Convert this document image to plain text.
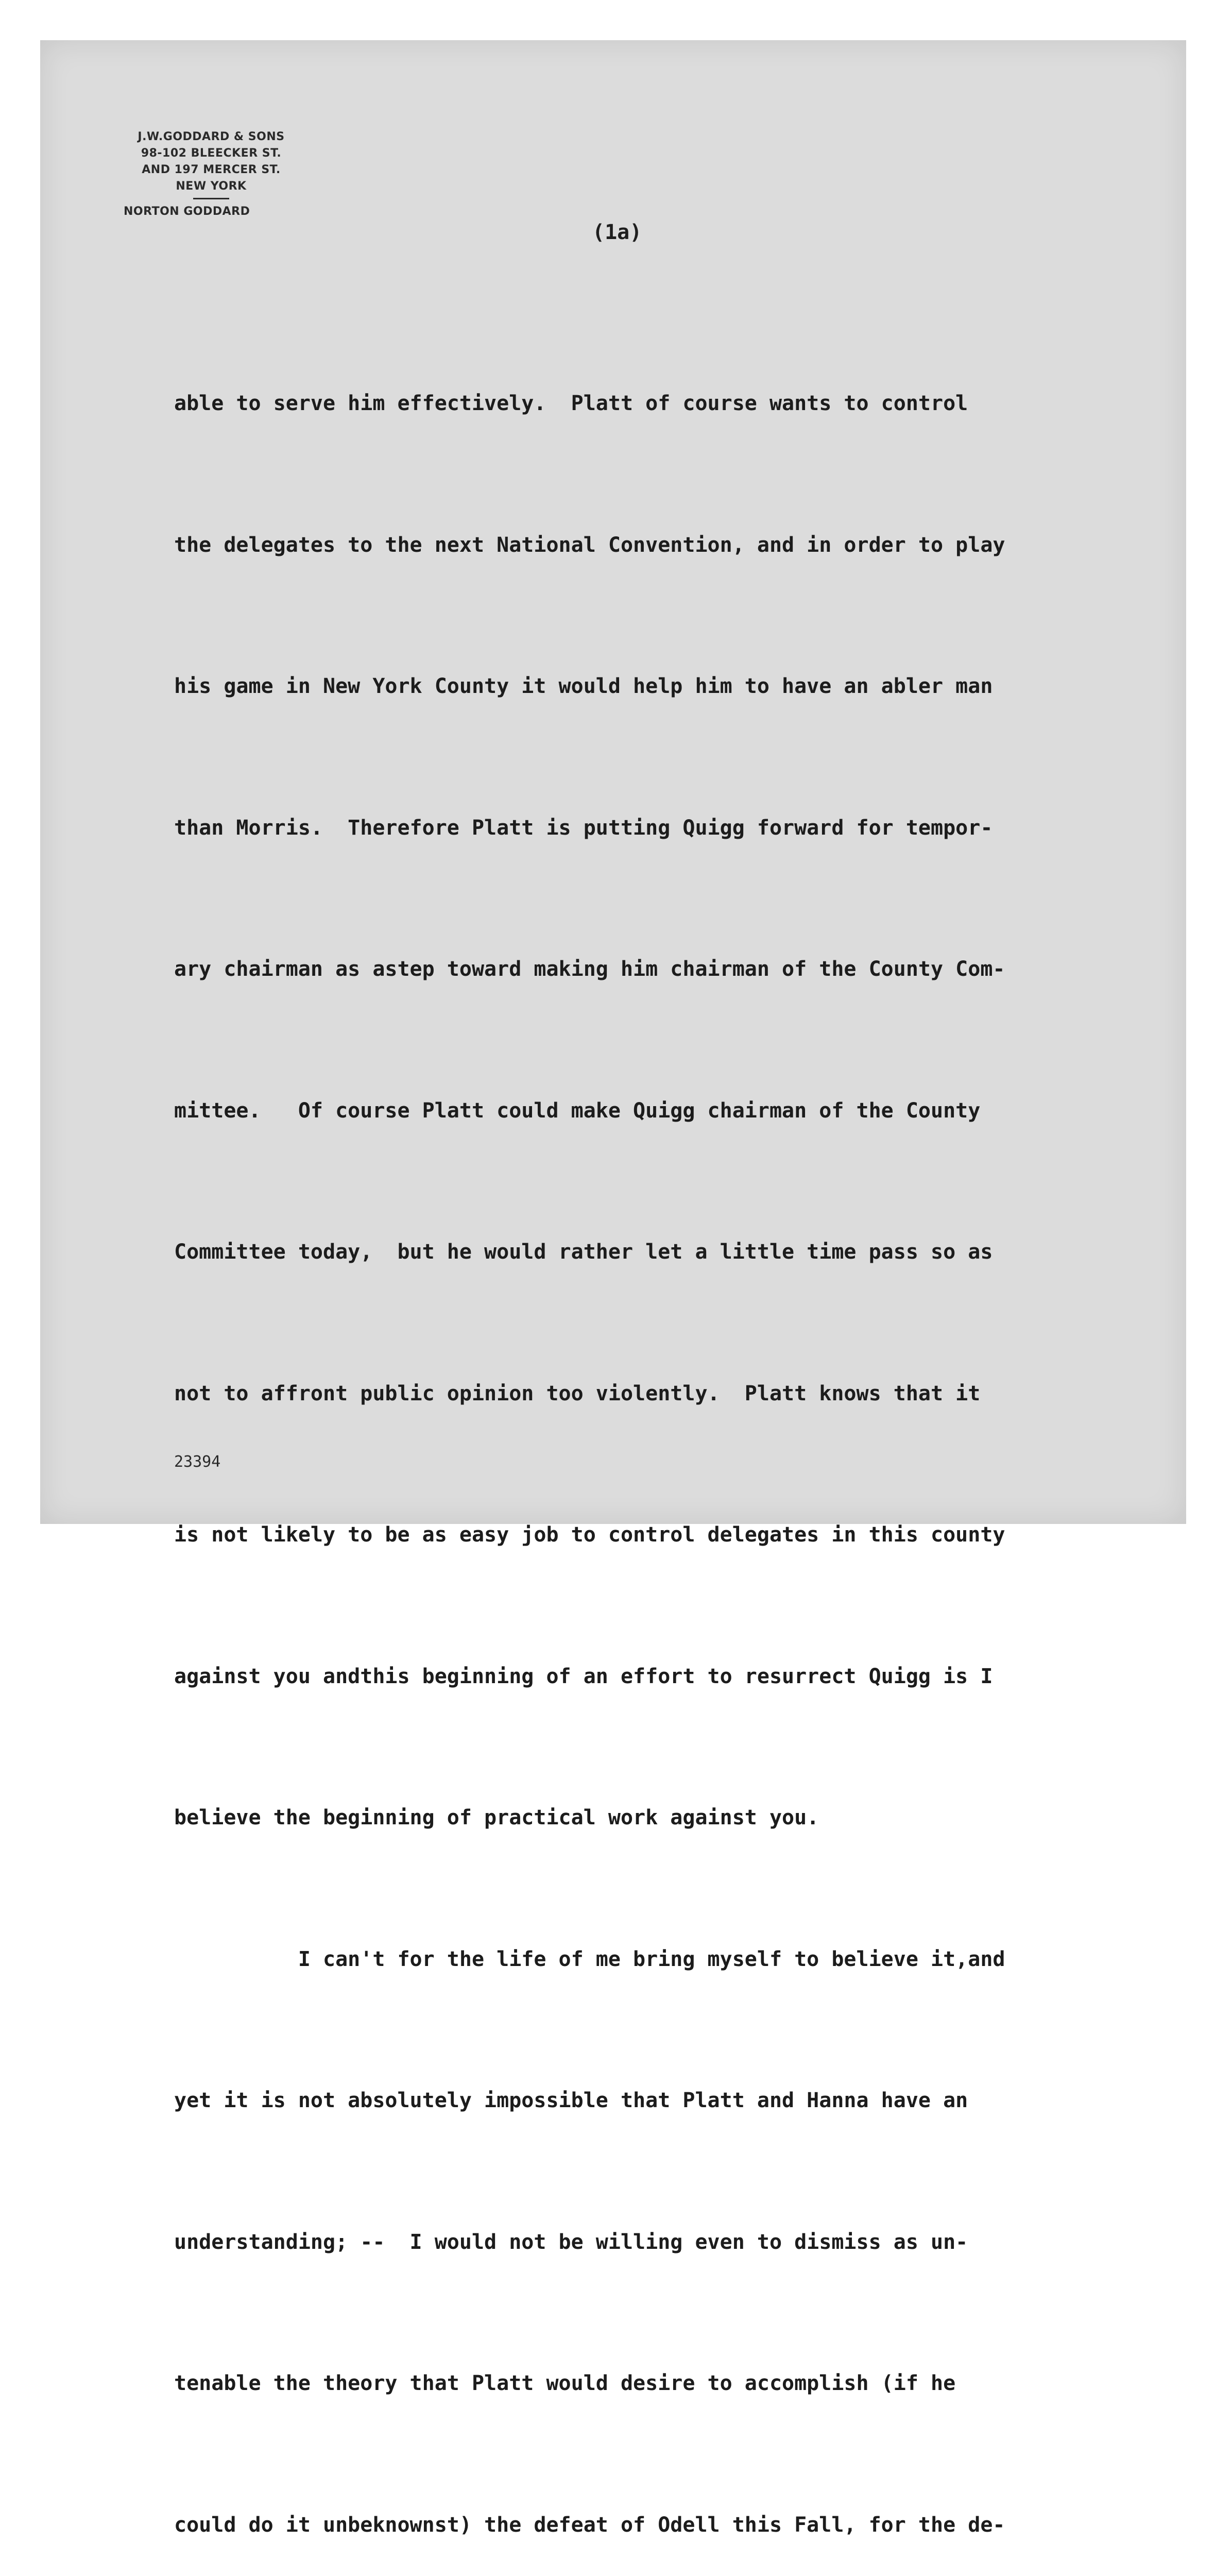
J.W.GODDARD & SONS
98-102 BLEECKER ST.
AND 197 MERCER ST.
NEW YORK
NORTON GODDARD
(1a)

able to serve him effectively.  Platt of course wants to control

the delegates to the next National Convention, and in order to play

his game in New York County it would help him to have an abler man

than Morris.  Therefore Platt is putting Quigg forward for tempor-

ary chairman as astep toward making him chairman of the County Com-

mittee.   Of course Platt could make Quigg chairman of the County

Committee today,  but he would rather let a little time pass so as

not to affront public opinion too violently.  Platt knows that it

is not likely to be as easy job to control delegates in this county

against you andthis beginning of an effort to resurrect Quigg is I

believe the beginning of practical work against you.

I can't for the life of me bring myself to believe it,and

yet it is not absolutely impossible that Platt and Hanna have an

understanding; --  I would not be willing even to dismiss as un-

tenable the theory that Platt would desire to accomplish (if he

could do it unbeknownst) the defeat of Odell this Fall, for the de-

23394
